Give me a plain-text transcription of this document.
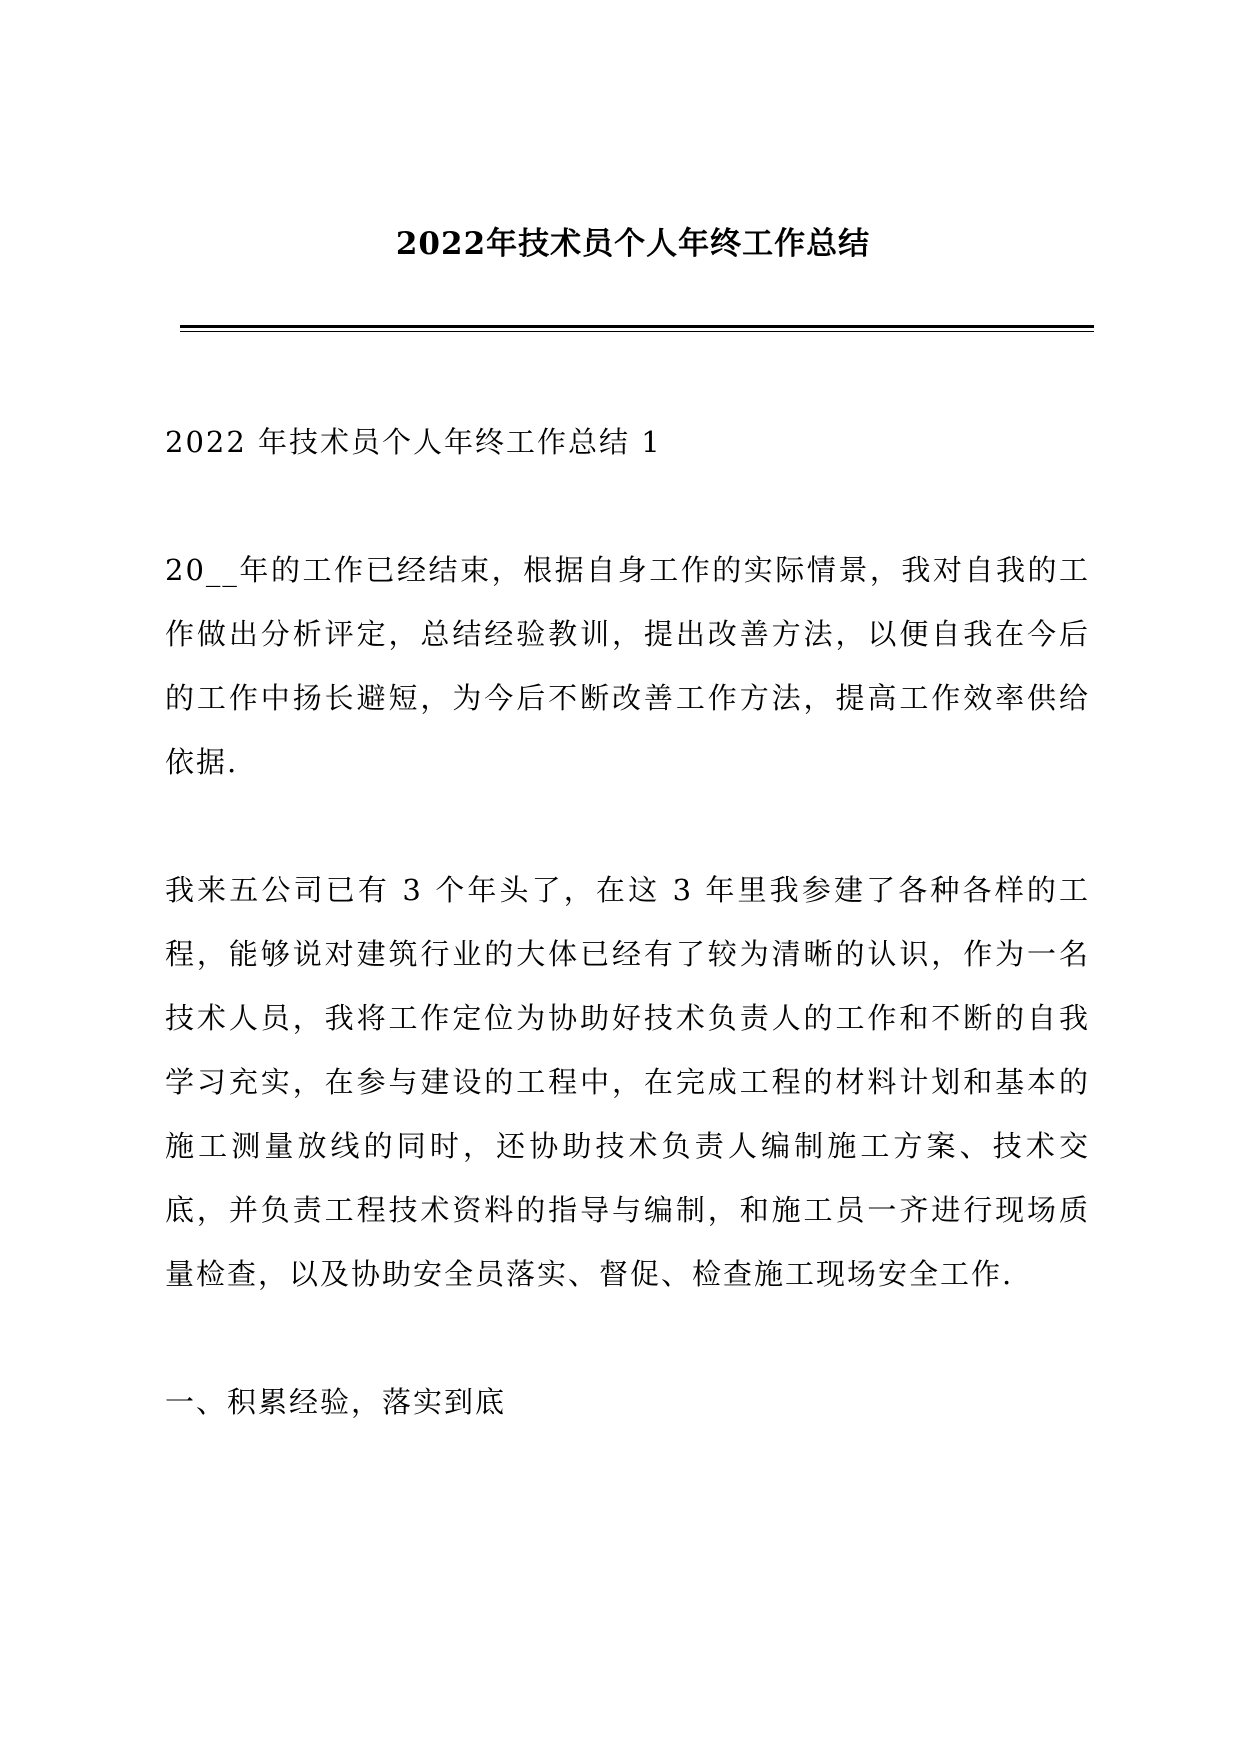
2022年技术员个人年终工作总结

2022 年技术员个人年终工作总结 1

20__年的工作已经结束，根据自身工作的实际情景，我对自我的工作做出分析评定，总结经验教训，提出改善方法，以便自我在今后的工作中扬长避短，为今后不断改善工作方法，提高工作效率供给依据.

我来五公司已有 3 个年头了，在这 3 年里我参建了各种各样的工程，能够说对建筑行业的大体已经有了较为清晰的认识，作为一名技术人员，我将工作定位为协助好技术负责人的工作和不断的自我学习充实，在参与建设的工程中，在完成工程的材料计划和基本的施工测量放线的同时，还协助技术负责人编制施工方案、技术交底，并负责工程技术资料的指导与编制，和施工员一齐进行现场质量检查，以及协助安全员落实、督促、检查施工现场安全工作.

一、积累经验，落实到底
